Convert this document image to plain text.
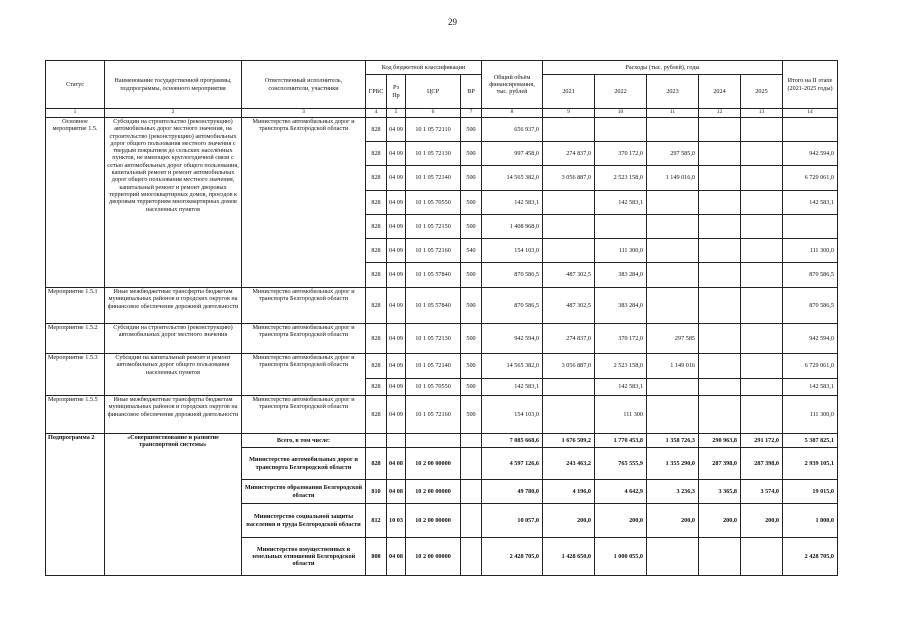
29
Статус	Наименование государственной программы, подпрограммы, основного мероприятия	Ответственный исполнитель, соисполнители, участники	Код бюджетной классификации				Общий объём финансирования, тыс. рублей	Расходы (тыс. рублей), годы					Итого на II этапе (2021-2025 годы)
			ГРБС	Рз Пр	ЦСР	ВР		2021	2022	2023	2024	2025	
1	2	3	4	5	6	7	8	9	10	11	12	13	14
Основное мероприятие 1.5.	Субсидии на строительство (реконструкцию) автомобильных дорог местного значения, на строительство (реконструкцию) автомобильных дорог общего пользования местного значения с твердым покрытием до сельских населённых пунктов, не имеющих круглогодичной связи с сетью автомобильных дорог общего пользования, капитальный ремонт и ремонт автомобильных дорог общего пользования местного значения, капитальный ремонт и ремонт дворовых территорий многоквартирных домов, проездов к дворовым территориям многоквартирных домов населенных пунктов	Министерство автомобильных дорог и транспорта Белгородской области	828	04 09	10 1 05 72110	500	656 937,0						
			828	04 09	10 1 05 72130	500	997 458,0	274 837,0	370 172,0	297 585,0			942 594,0
			828	04 09	10 1 05 72140	500	14 565 382,0	3 056 887,0	2 523 158,0	1 149 016,0			6 729 061,0
			828	04 09	10 1 05 70550	500	142 583,1		142 583,1				142 583,1
			828	04 09	10 1 05 72150	500	1 408 968,0						
			828	04 09	10 1 05 72160	540	154 103,0		111 300,0				111 300,0
			828	04 09	10 1 05 57840	500	870 586,5	487 302,5	383 284,0				870 586,5
Мероприятие 1.5.1	Иные межбюджетные трансферты бюджетам муниципальных районов и городских округов на финансовое обеспечение дорожной деятельности	Министерство автомобильных дорог и транспорта Белгородской области	828	04 09	10 1 05 57840	500	870 586,5	487 302,5	383 284,0				870 586,5
Мероприятие 1.5.2	Субсидии на строительство (реконструкцию) автомобильных дорог местного значения	Министерство автомобильных дорог и транспорта Белгородской области	828	04 09	10 1 05 72130	500	942 594,0	274 837,0	370 172,0	297 585			942 594,0
Мероприятие 1.5.3	Субсидии на капитальный ремонт и ремонт автомобильных дорог общего пользования населенных пунктов	Министерство автомобильных дорог и транспорта Белгородской области	828	04 09	10 1 05 72140	500	14 565 382,0	3 056 887,0	2 523 158,0	1 149 016			6 729 061,0
			828	04 09	10 1 05 70550	500	142 583,1		142 583,1				142 583,1
Мероприятие 1.5.5	Иные межбюджетные трансферты бюджетам муниципальных районов и городских округов на финансовое обеспечение дорожной деятельности	Министерство автомобильных дорог и транспорта Белгородской области	828	04 09	10 1 05 72160	500	154 103,0		111 300				111 300,0
Подпрограмма 2	«Совершенствование и развитие транспортной системы»	Всего, в том числе:					7 085 668,6	1 676 509,2	1 770 453,8	1 358 726,3	290 963,8	291 172,0	5 387 825,1
		Министерство автомобильных дорог и транспорта Белгородской области	828	04 08	10 2 00 00000		4 597 126,6	243 463,2	765 555,9	1 355 290,0	287 398,0	287 398,0	2 939 105,1
		Министерство образования Белгородской области	810	04 08	10 2 00 00000		49 780,0	4 196,0	4 642,9	3 236,3	3 365,8	3 574,0	19 015,0
		Министерство социальной защиты населения и труда Белгородской области	812	10 03	10 2 00 00000		10 057,0	200,0	200,0	200,0	200,0	200,0	1 000,0
		Министерство имущественных и земельных отношений Белгородской области	808	04 08	10 2 00 00000		2 428 705,0	1 428 650,0	1 000 055,0				2 428 705,0
